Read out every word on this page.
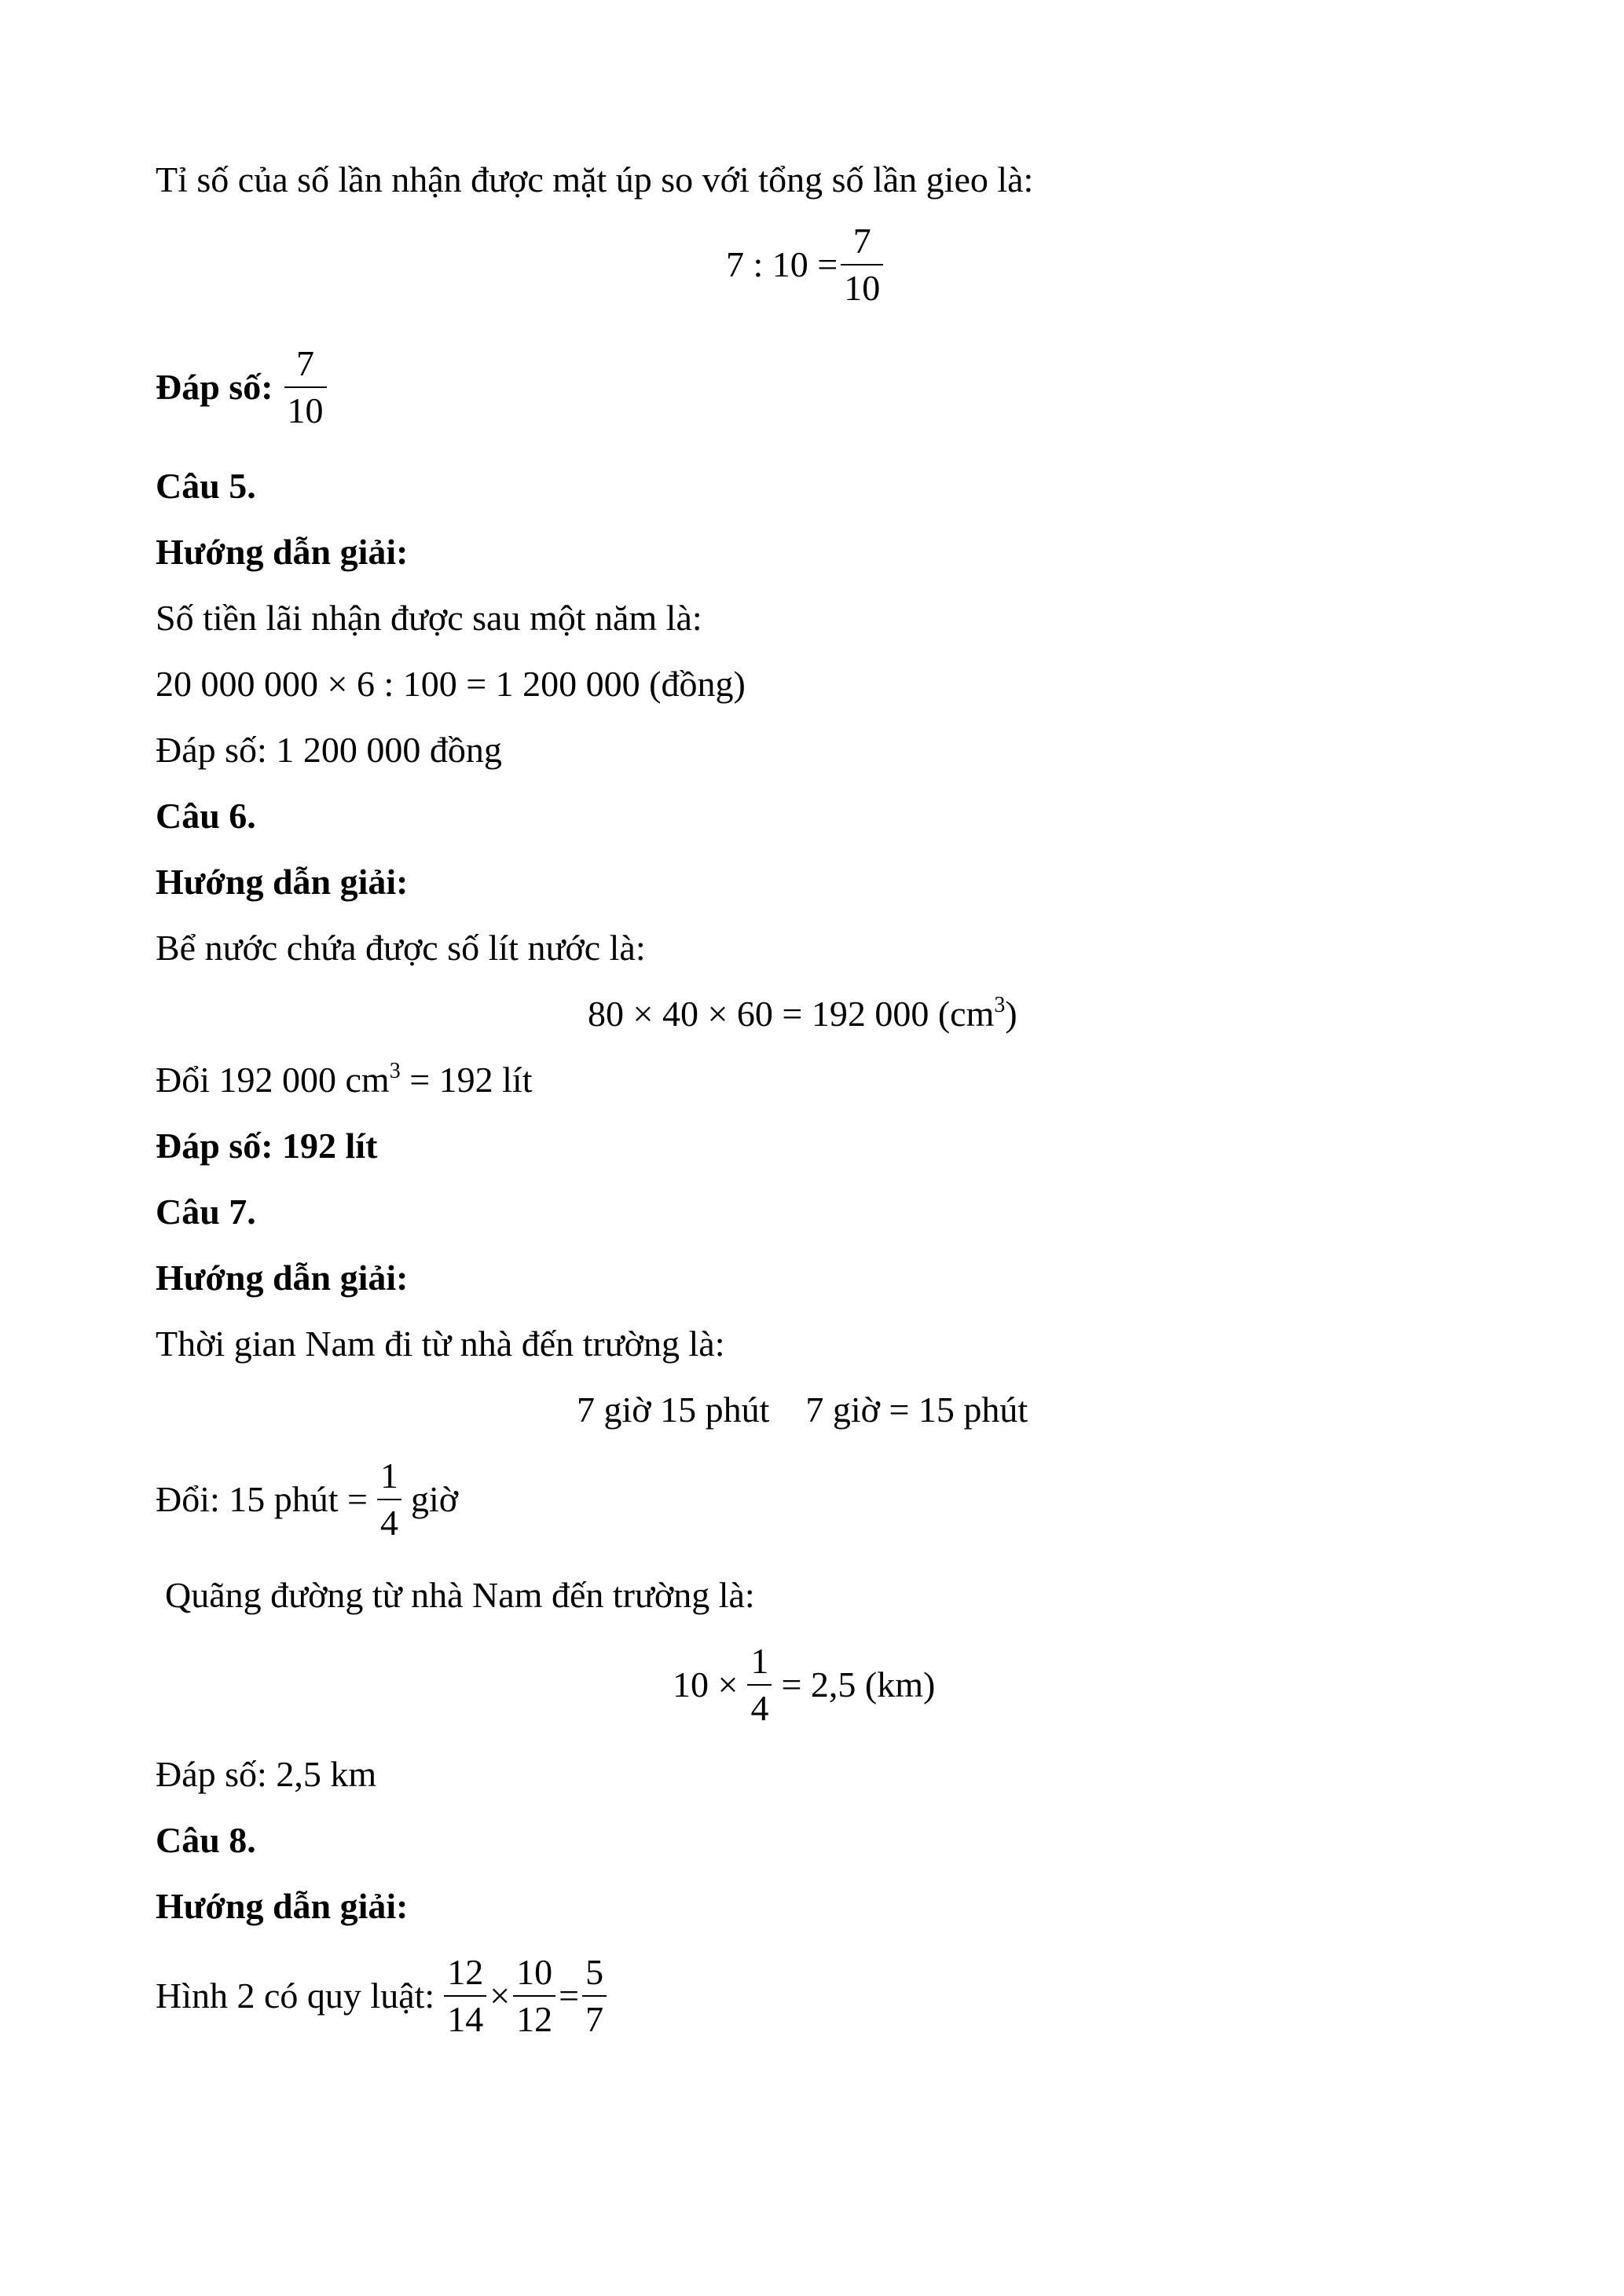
Tỉ số của số lần nhận được mặt úp so với tổng số lần gieo là:
7 : $10 = \frac{7}{10}$
Đáp số: $\frac{7}{10}$
Câu 5.
Hướng dẫn giải:
Số tiền lãi nhận được sau một năm là:
20 000 000 × 6 : 100 = 1 200 000 (đồng)
Đáp số: 1 200 000 đồng
Câu 6.
Hướng dẫn giải:
Bể nước chứa được số lít nước là:
80 × 40 × 60 = 192 000 $(cm^3)$
Đổi 192 000 $cm^3 = 192$ lít
Đáp số: 192 lít
Câu 7.
Hướng dẫn giải:
Thời gian Nam đi từ nhà đến trường là:
7 giờ 15 phút    7 giờ = 15 phút
Đổi: 15 phút = $\frac{1}{4}$ giờ
Quãng đường từ nhà Nam đến trường là:
$10 \times \frac{1}{4} = 2,5$ (km)
Đáp số: 2,5 km
Câu 8.
Hướng dẫn giải:
Hình 2 có quy luật: $\frac{12}{14} \times \frac{10}{12} = \frac{5}{7}$
